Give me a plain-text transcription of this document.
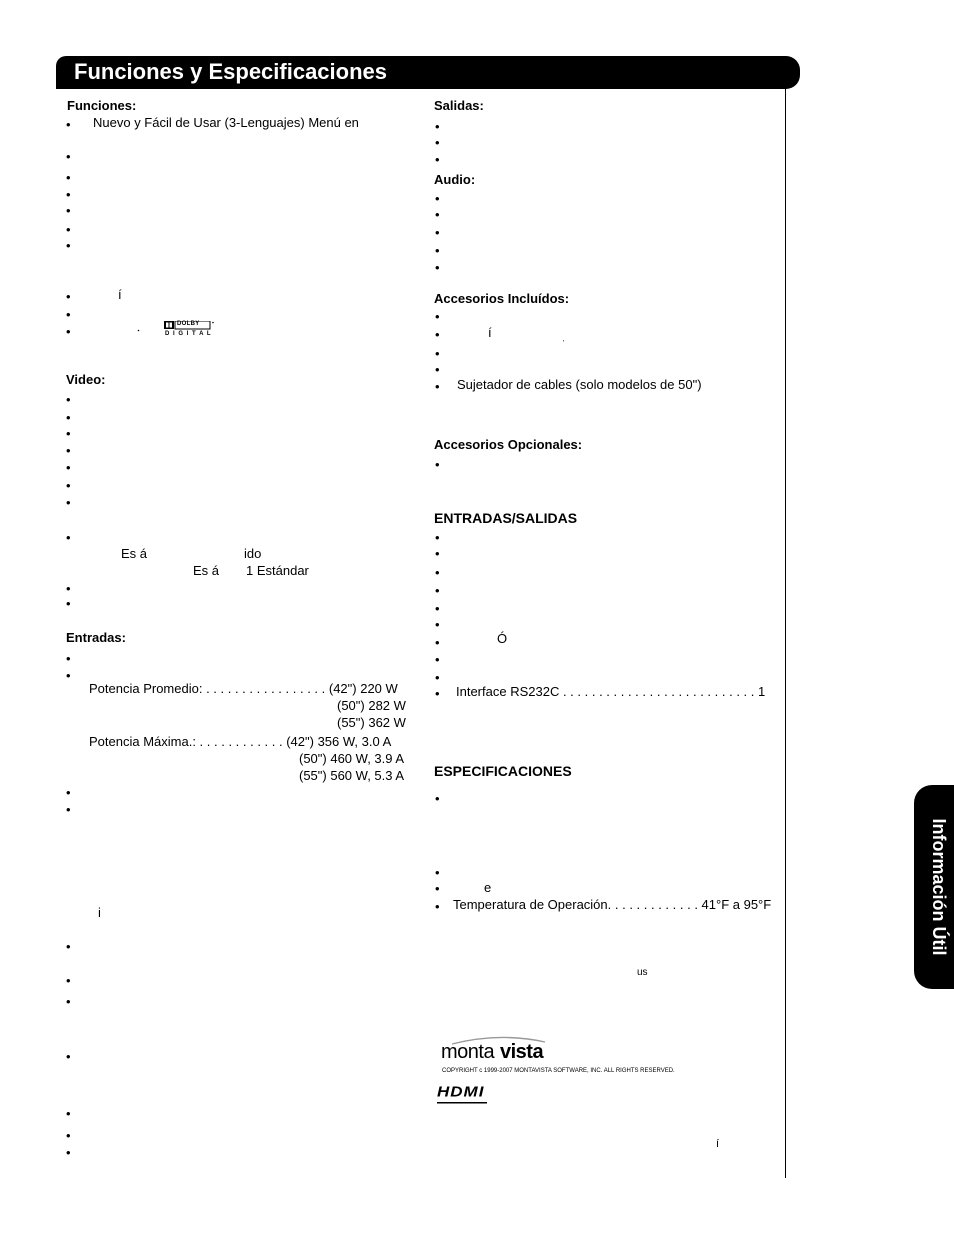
Funciones y Especificaciones
Funciones:
• Nuevo y Fácil de Usar (3-Lenguajes) Menú en
•
•
•
•
•
•
•	í
•
•	DOLBY
D I G I T A L
Video:
•
•
•
•
•
•
•
•
Es á	ido
Es á 1 Estándar
•
•
Entradas:
•
•
Potencia Promedio: . . . . . . . . . . . . . . . . . (42") 220 W
(50") 282 W
(55") 362 W
Potencia Máxima.: . . . . . . . . . . . . (42") 356 W, 3.0 A
(50") 460 W, 3.9 A
(55") 560 W, 5.3 A
•
•
i
•
•
•
•
•
•
•
Salidas:
•
•
•
Audio:
•
•
•
•
•
Accesorios Incluídos:
•
•	í
•
'
•
• Sujetador de cables (solo modelos de 50")
Accesorios Opcionales:
•
ENTRADAS/SALIDAS
•
•
•
•
•
•
•	Ó
•
•
• Interface RS232C . . . . . . . . . . . . . . . . . . . . . . . . . . . 1
ESPECIFICACIONES
•
•
•	e
• Temperatura de Operación. . . . . . . . . . . . . 41°F a 95°F
us
monta vista
COPYRIGHT c 1999-2007 MONTAVISTA SOFTWARE, INC. ALL RIGHTS RESERVED.
HDMI
í
Información Útil
